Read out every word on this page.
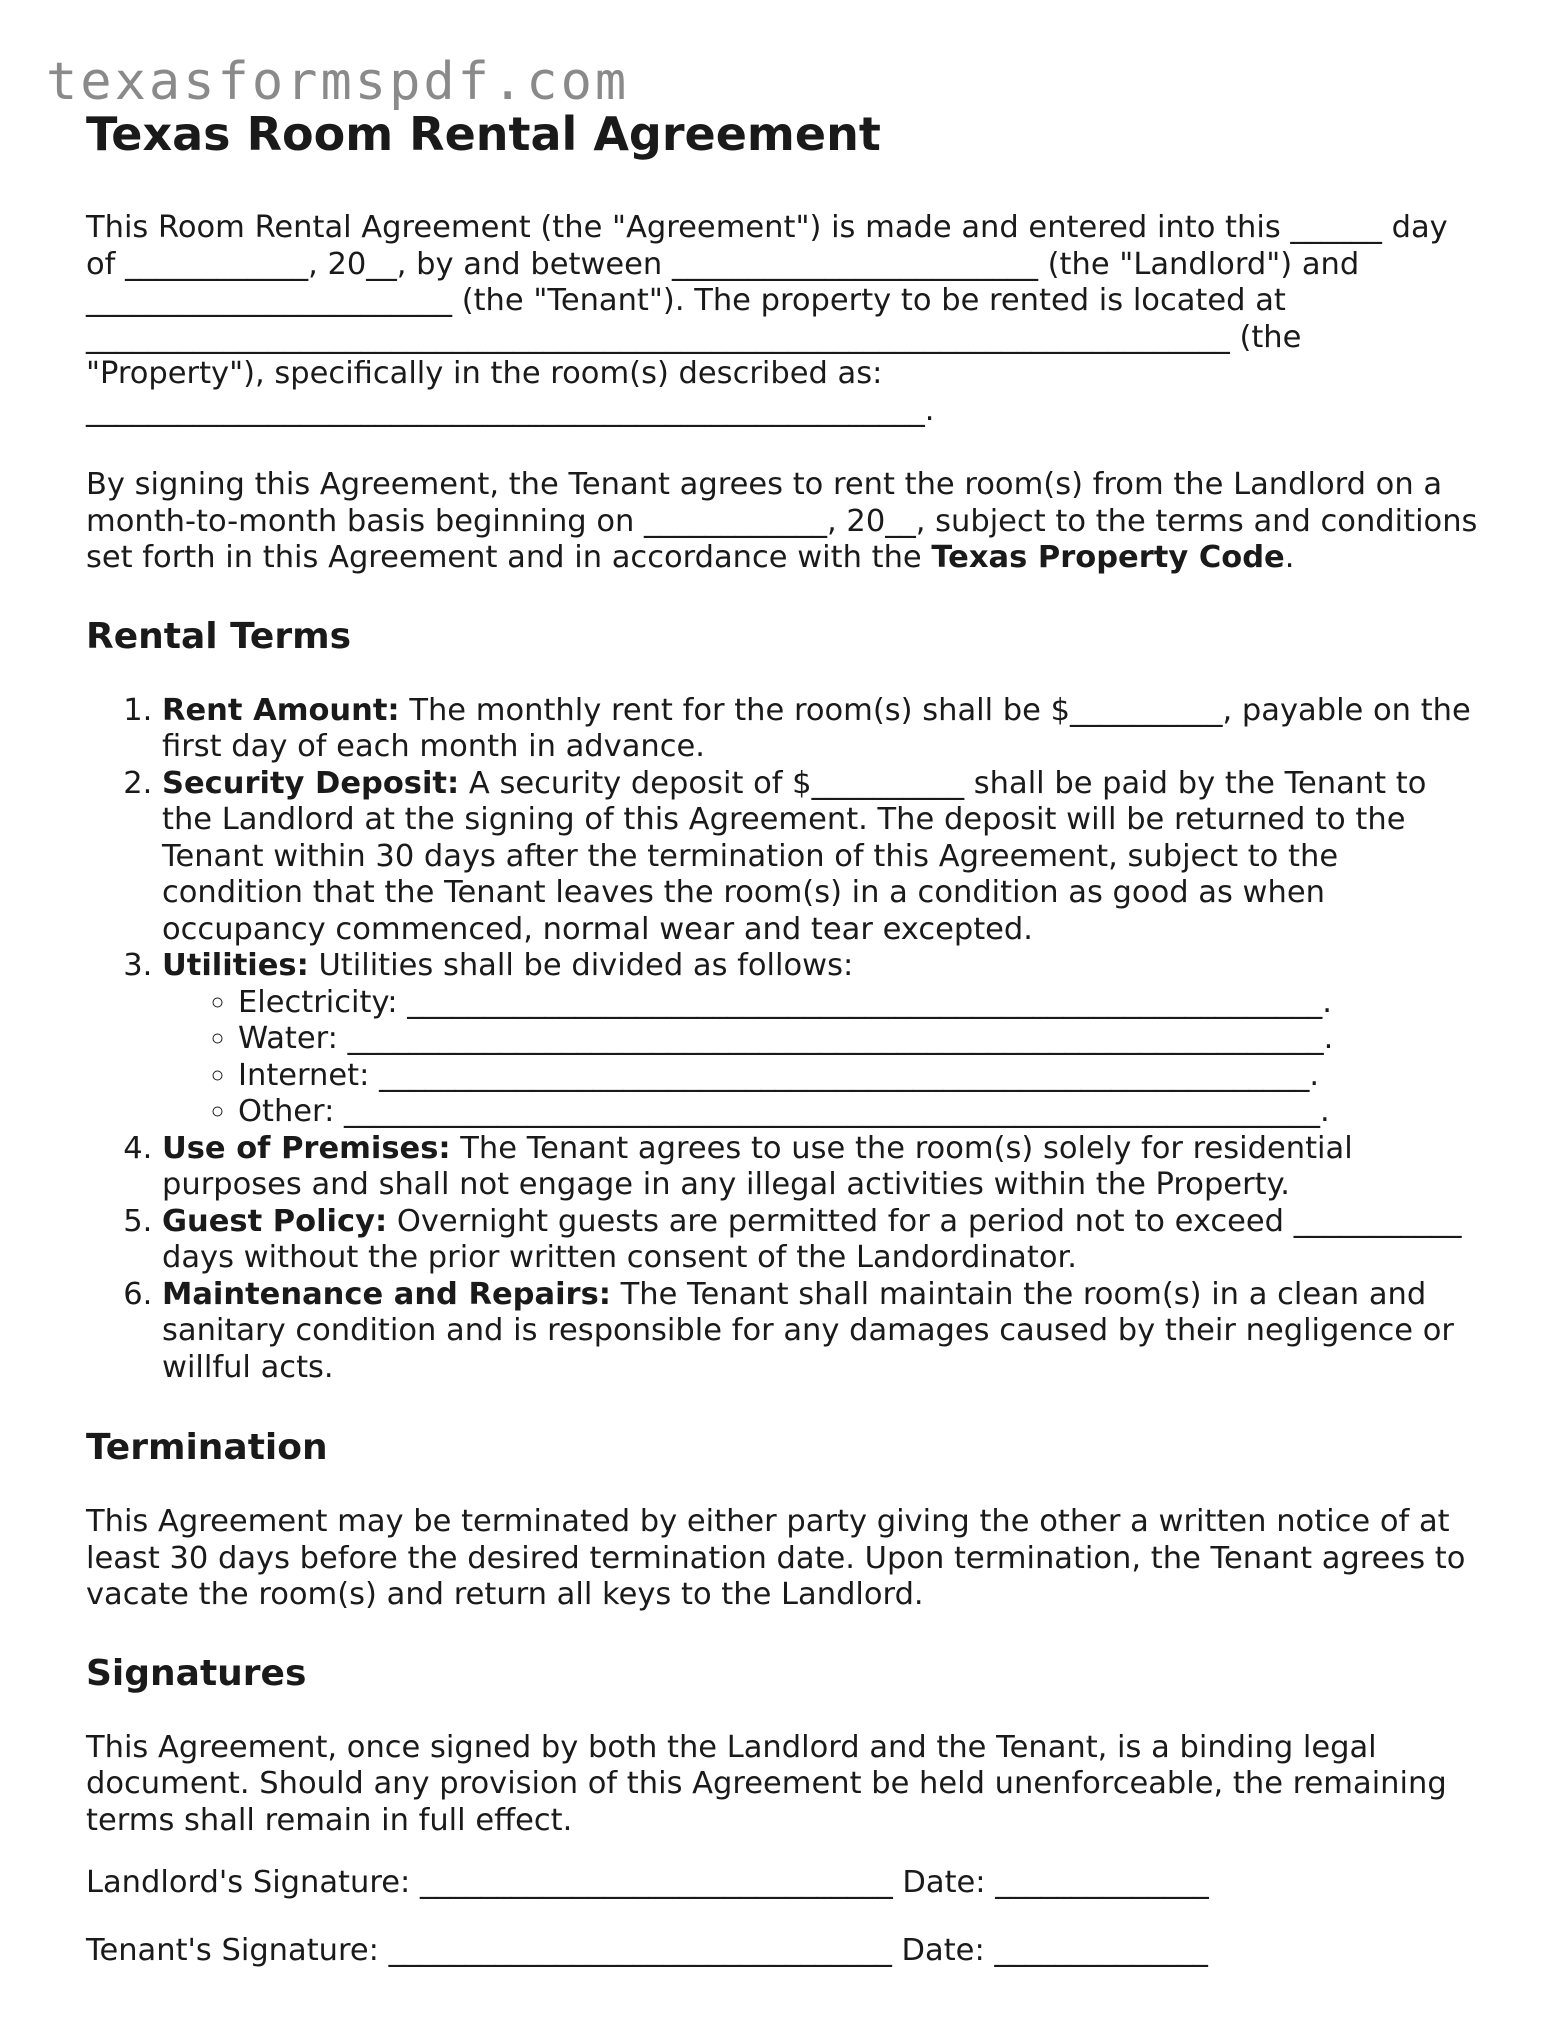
texasformspdf.com
Texas Room Rental Agreement

This Room Rental Agreement (the "Agreement") is made and entered into this ______ day of ____________, 20__, by and between ________________________ (the "Landlord") and ________________________ (the "Tenant"). The property to be rented is located at ___________________________________________________________________________ (the "Property"), specifically in the room(s) described as: _______________________________________________________.

By signing this Agreement, the Tenant agrees to rent the room(s) from the Landlord on a month-to-month basis beginning on ____________, 20__, subject to the terms and conditions set forth in this Agreement and in accordance with the Texas Property Code.

Rental Terms
1. Rent Amount: The monthly rent for the room(s) shall be $__________, payable on the first day of each month in advance.
2. Security Deposit: A security deposit of $__________ shall be paid by the Tenant to the Landlord at the signing of this Agreement. The deposit will be returned to the Tenant within 30 days after the termination of this Agreement, subject to the condition that the Tenant leaves the room(s) in a condition as good as when occupancy commenced, normal wear and tear excepted.
3. Utilities: Utilities shall be divided as follows:
◦ Electricity: ____________________________________________________________.
◦ Water: ________________________________________________________________.
◦ Internet: _____________________________________________________________.
◦ Other: ________________________________________________________________.
4. Use of Premises: The Tenant agrees to use the room(s) solely for residential purposes and shall not engage in any illegal activities within the Property.
5. Guest Policy: Overnight guests are permitted for a period not to exceed ___________ days without the prior written consent of the Landordinator.
6. Maintenance and Repairs: The Tenant shall maintain the room(s) in a clean and sanitary condition and is responsible for any damages caused by their negligence or willful acts.
Termination

This Agreement may be terminated by either party giving the other a written notice of at least 30 days before the desired termination date. Upon termination, the Tenant agrees to vacate the room(s) and return all keys to the Landlord.

Signatures

This Agreement, once signed by both the Landlord and the Tenant, is a binding legal document. Should any provision of this Agreement be held unenforceable, the remaining terms shall remain in full effect.

Landlord's Signature: _______________________________ Date: ______________
Tenant's Signature: _________________________________ Date: ______________
